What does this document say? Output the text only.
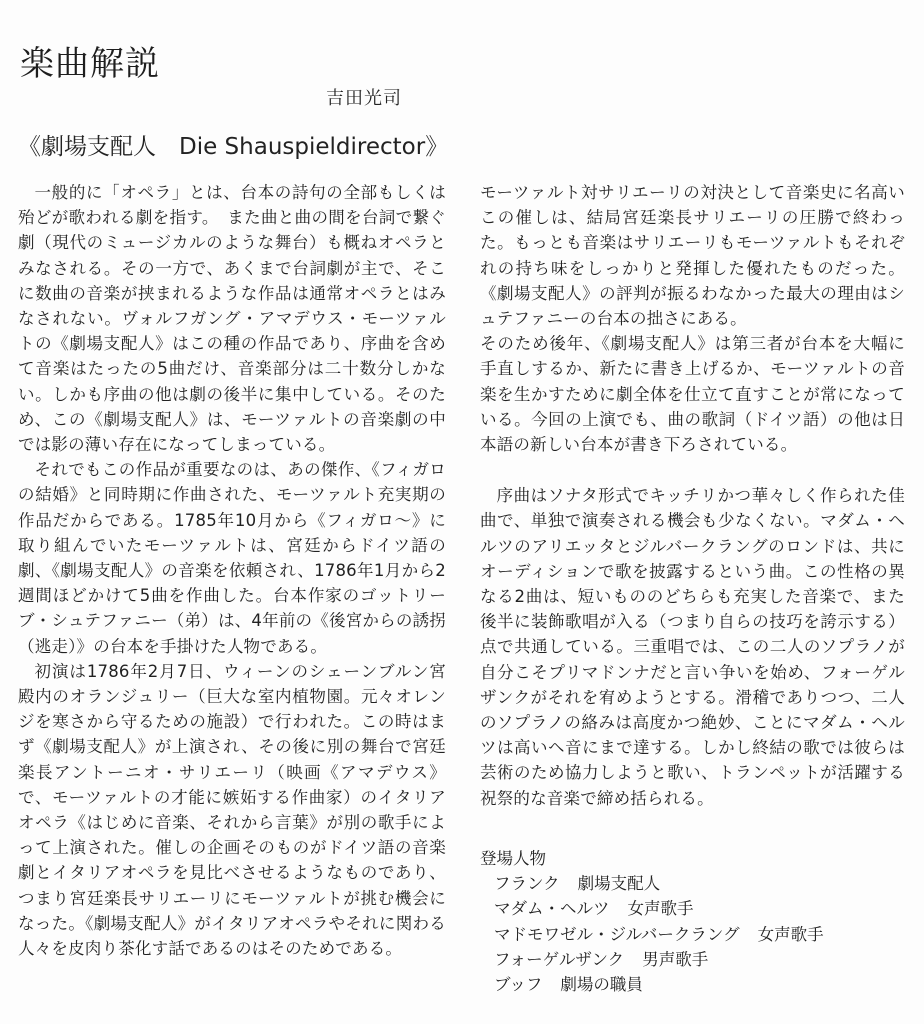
楽曲解説
吉田光司
《劇場支配人　Die Shauspieldirector》

一般的に「オペラ」とは、台本の詩句の全部もしくは殆どが歌われる劇を指す。　また曲と曲の間を台詞で繋ぐ劇（現代のミュージカルのような舞台）も概ねオペラとみなされる。その一方で、あくまで台詞劇が主で、そこに数曲の音楽が挟まれるような作品は通常オペラとはみなされない。ヴォルフガング・アマデウス・モーツァルトの《劇場支配人》はこの種の作品であり、序曲を含めて音楽はたったの5曲だけ、音楽部分は二十数分しかない。しかも序曲の他は劇の後半に集中している。そのため、この《劇場支配人》は、モーツァルトの音楽劇の中では影の薄い存在になってしまっている。

それでもこの作品が重要なのは、あの傑作、《フィガロの結婚》と同時期に作曲された、モーツァルト充実期の作品だからである。1785年10月から《フィガロ～》に取り組んでいたモーツァルトは、宮廷からドイツ語の劇、《劇場支配人》の音楽を依頼され、1786年1月から2週間ほどかけて5曲を作曲した。台本作家のゴットリーブ・シュテファニー（弟）は、4年前の《後宮からの誘拐（逃走）》の台本を手掛けた人物である。

初演は1786年2月7日、ウィーンのシェーンブルン宮殿内のオランジュリー（巨大な室内植物園。元々オレンジを寒さから守るための施設）で行われた。この時はまず《劇場支配人》が上演され、その後に別の舞台で宮廷楽長アントーニオ・サリエーリ（映画《アマデウス》で、モーツァルトの才能に嫉妬する作曲家）のイタリアオペラ《はじめに音楽、それから言葉》が別の歌手によって上演された。催しの企画そのものがドイツ語の音楽劇とイタリアオペラを見比べさせるようなものであり、つまり宮廷楽長サリエーリにモーツァルトが挑む機会になった。《劇場支配人》がイタリアオペラやそれに関わる人々を皮肉り茶化す話であるのはそのためである。

モーツァルト対サリエーリの対決として音楽史に名高いこの催しは、結局宮廷楽長サリエーリの圧勝で終わった。もっとも音楽はサリエーリもモーツァルトもそれぞれの持ち味をしっかりと発揮した優れたものだった。《劇場支配人》の評判が振るわなかった最大の理由はシュテファニーの台本の拙さにある。

そのため後年、《劇場支配人》は第三者が台本を大幅に手直しするか、新たに書き上げるか、モーツァルトの音楽を生かすために劇全体を仕立て直すことが常になっている。今回の上演でも、曲の歌詞（ドイツ語）の他は日本語の新しい台本が書き下ろされている。

序曲はソナタ形式でキッチリかつ華々しく作られた佳曲で、単独で演奏される機会も少なくない。マダム・ヘルツのアリエッタとジルバークラングのロンドは、共にオーディションで歌を披露するという曲。この性格の異なる2曲は、短いもののどちらも充実した音楽で、また後半に装飾歌唱が入る（つまり自らの技巧を誇示する）点で共通している。三重唱では、この二人のソプラノが自分こそプリマドンナだと言い争いを始め、フォーゲルザンクがそれを宥めようとする。滑稽でありつつ、二人のソプラノの絡みは高度かつ絶妙、ことにマダム・ヘルツは高いヘ音にまで達する。しかし終結の歌では彼らは芸術のため協力しようと歌い、トランペットが活躍する祝祭的な音楽で締め括られる。

登場人物

フランク 劇場支配人
マダム・ヘルツ 女声歌手
マドモワゼル・ジルバークラング 女声歌手
フォーゲルザンク 男声歌手
ブッフ 劇場の職員
